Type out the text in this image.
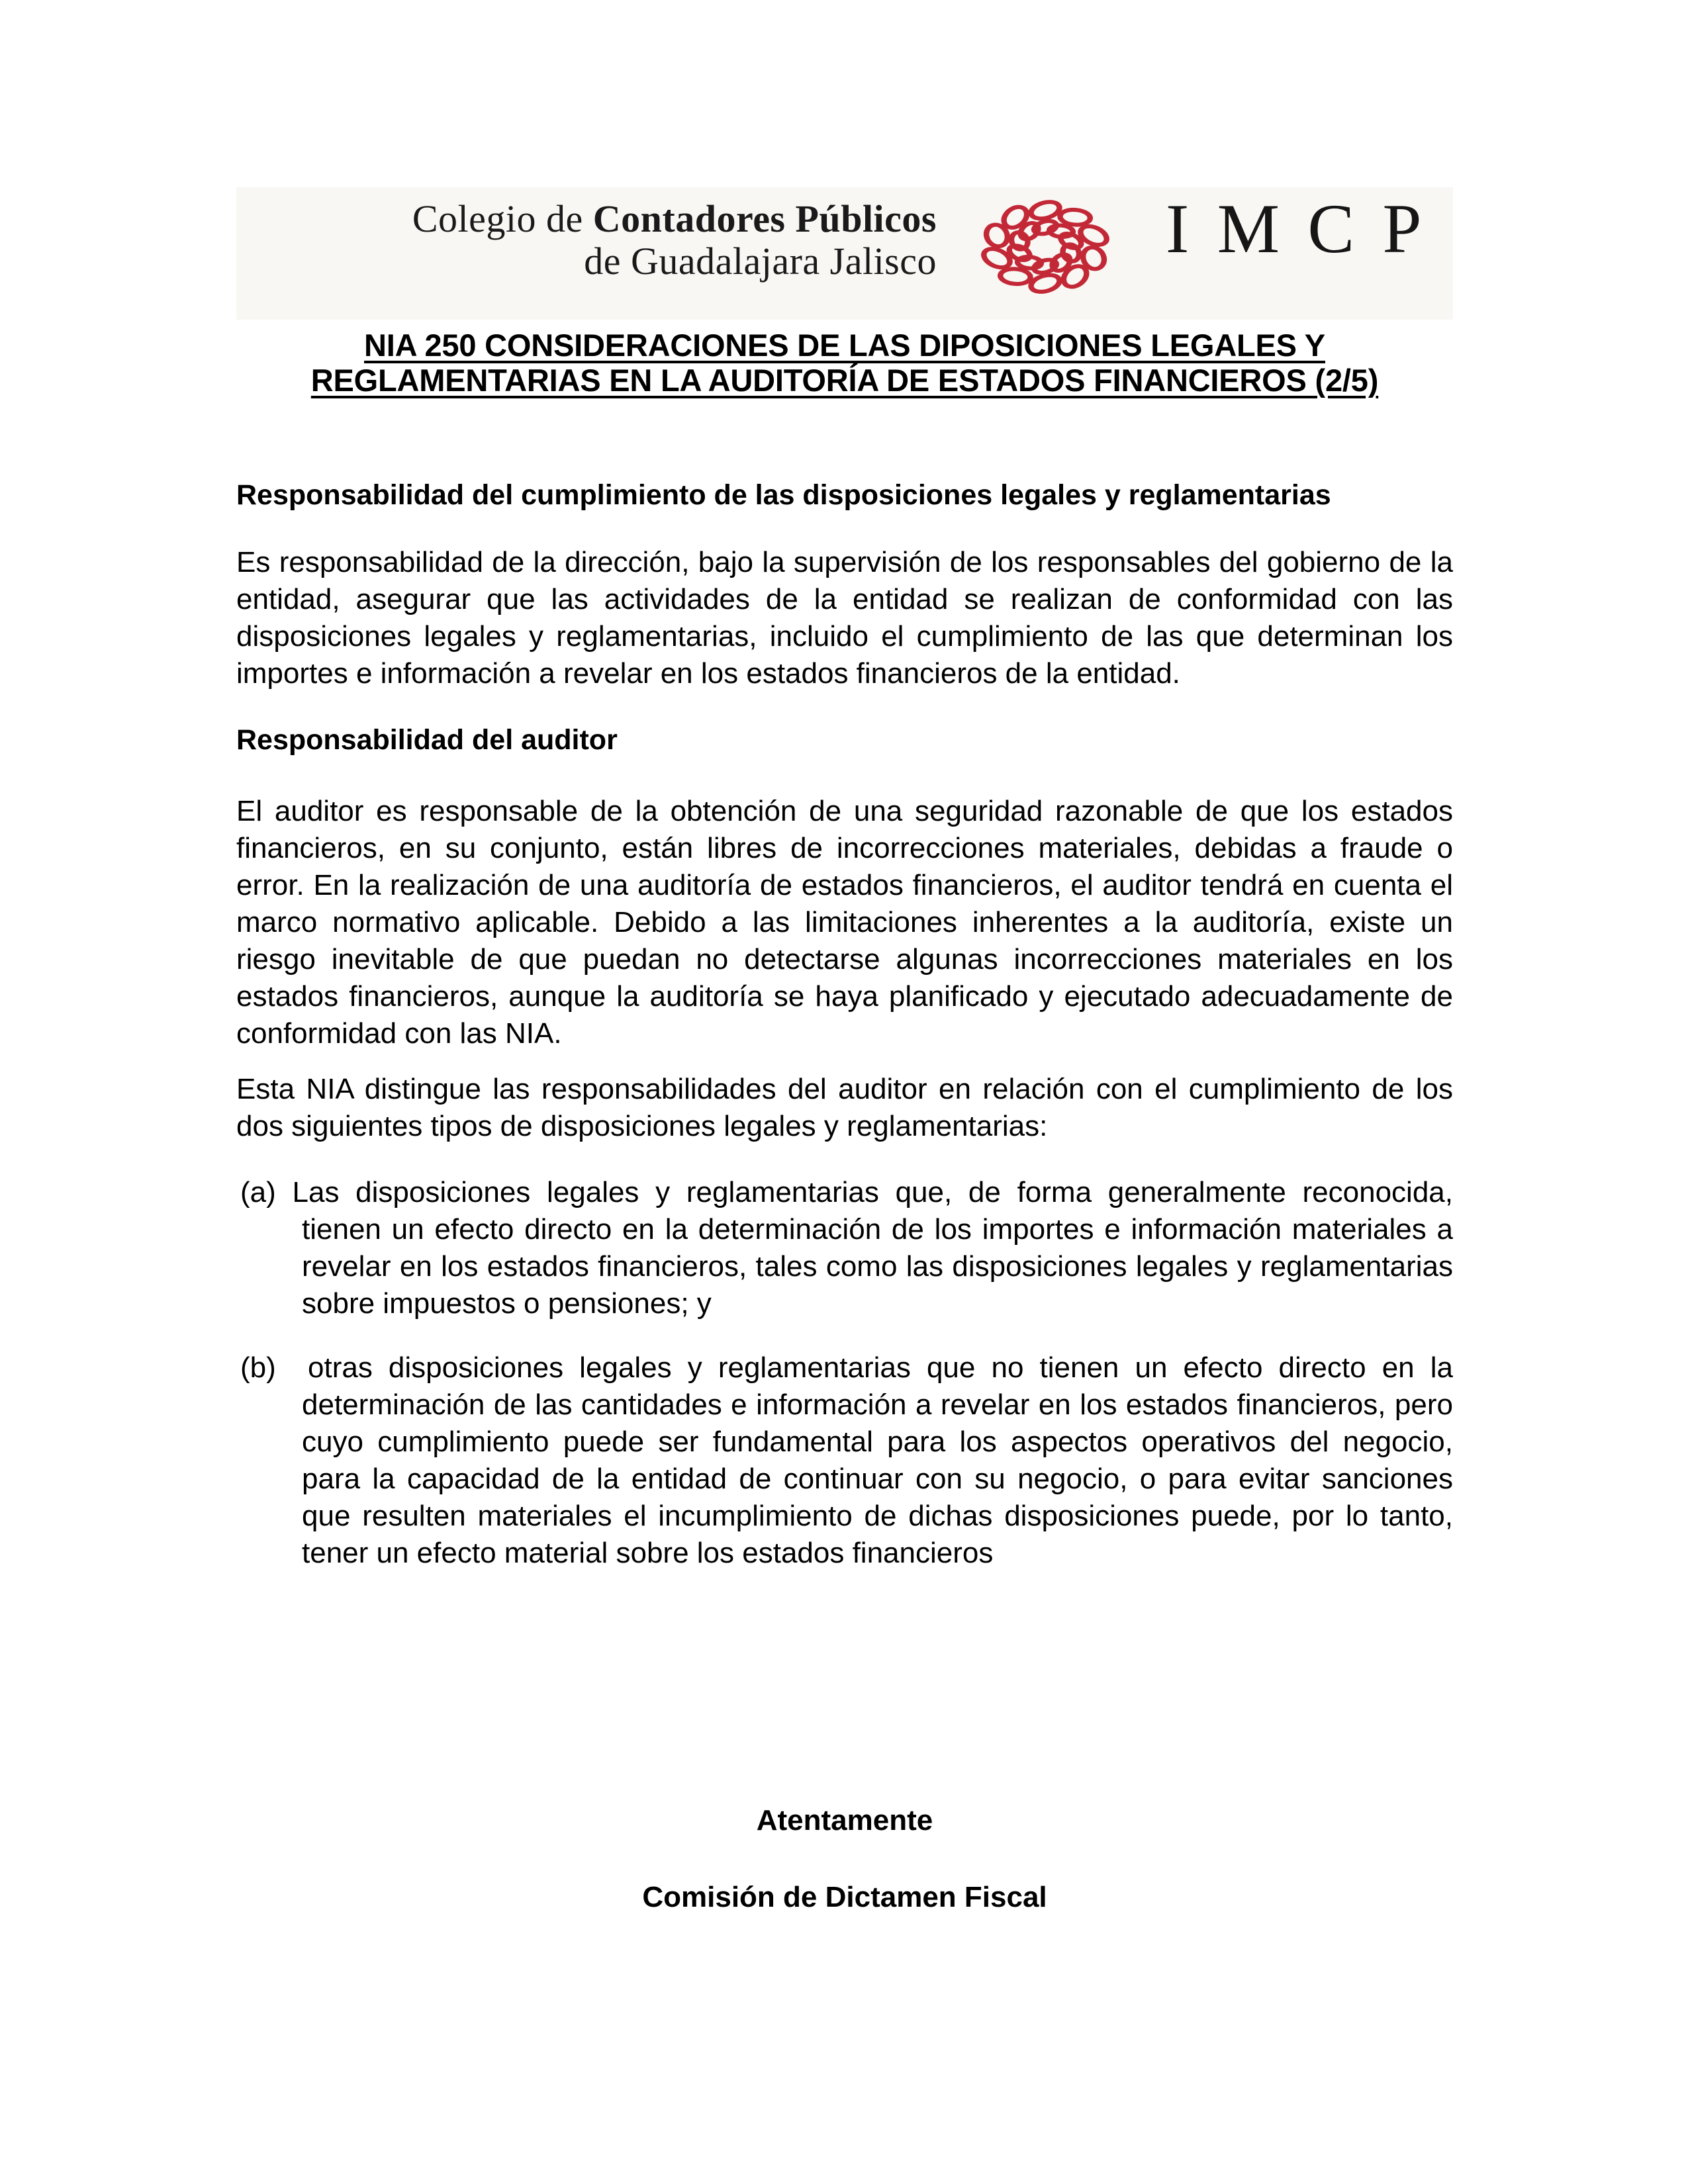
Colegio de Contadores Públicos
de Guadalajara Jalisco	IMCP
NIA 250 CONSIDERACIONES DE LAS DIPOSICIONES LEGALES Y
REGLAMENTARIAS EN LA AUDITORÍA DE ESTADOS FINANCIEROS (2/5)
Responsabilidad del cumplimiento de las disposiciones legales y reglamentarias

Es responsabilidad de la dirección, bajo la supervisión de los responsables del gobierno de la entidad, asegurar que las actividades de la entidad se realizan de conformidad con las disposiciones legales y reglamentarias, incluido el cumplimiento de las que determinan los importes e información a revelar en los estados financieros de la entidad.

Responsabilidad del auditor

El auditor es responsable de la obtención de una seguridad razonable de que los estados financieros, en su conjunto, están libres de incorrecciones materiales, debidas a fraude o error. En la realización de una auditoría de estados financieros, el auditor tendrá en cuenta el marco normativo aplicable. Debido a las limitaciones inherentes a la auditoría, existe un riesgo inevitable de que puedan no detectarse algunas incorrecciones materiales en los estados financieros, aunque la auditoría se haya planificado y ejecutado adecuadamente de conformidad con las NIA.

Esta NIA distingue las responsabilidades del auditor en relación con el cumplimiento de los dos siguientes tipos de disposiciones legales y reglamentarias:

(a) Las disposiciones legales y reglamentarias que, de forma generalmente reconocida, tienen un efecto directo en la determinación de los importes e información materiales a revelar en los estados financieros, tales como las disposiciones legales y reglamentarias sobre impuestos o pensiones; y
(b)  otras disposiciones legales y reglamentarias que no tienen un efecto directo en la determinación de las cantidades e información a revelar en los estados financieros, pero cuyo cumplimiento puede ser fundamental para los aspectos operativos del negocio, para la capacidad de la entidad de continuar con su negocio, o para evitar sanciones que resulten materiales el incumplimiento de dichas disposiciones puede, por lo tanto, tener un efecto material sobre los estados financieros
Atentamente
Comisión de Dictamen Fiscal
